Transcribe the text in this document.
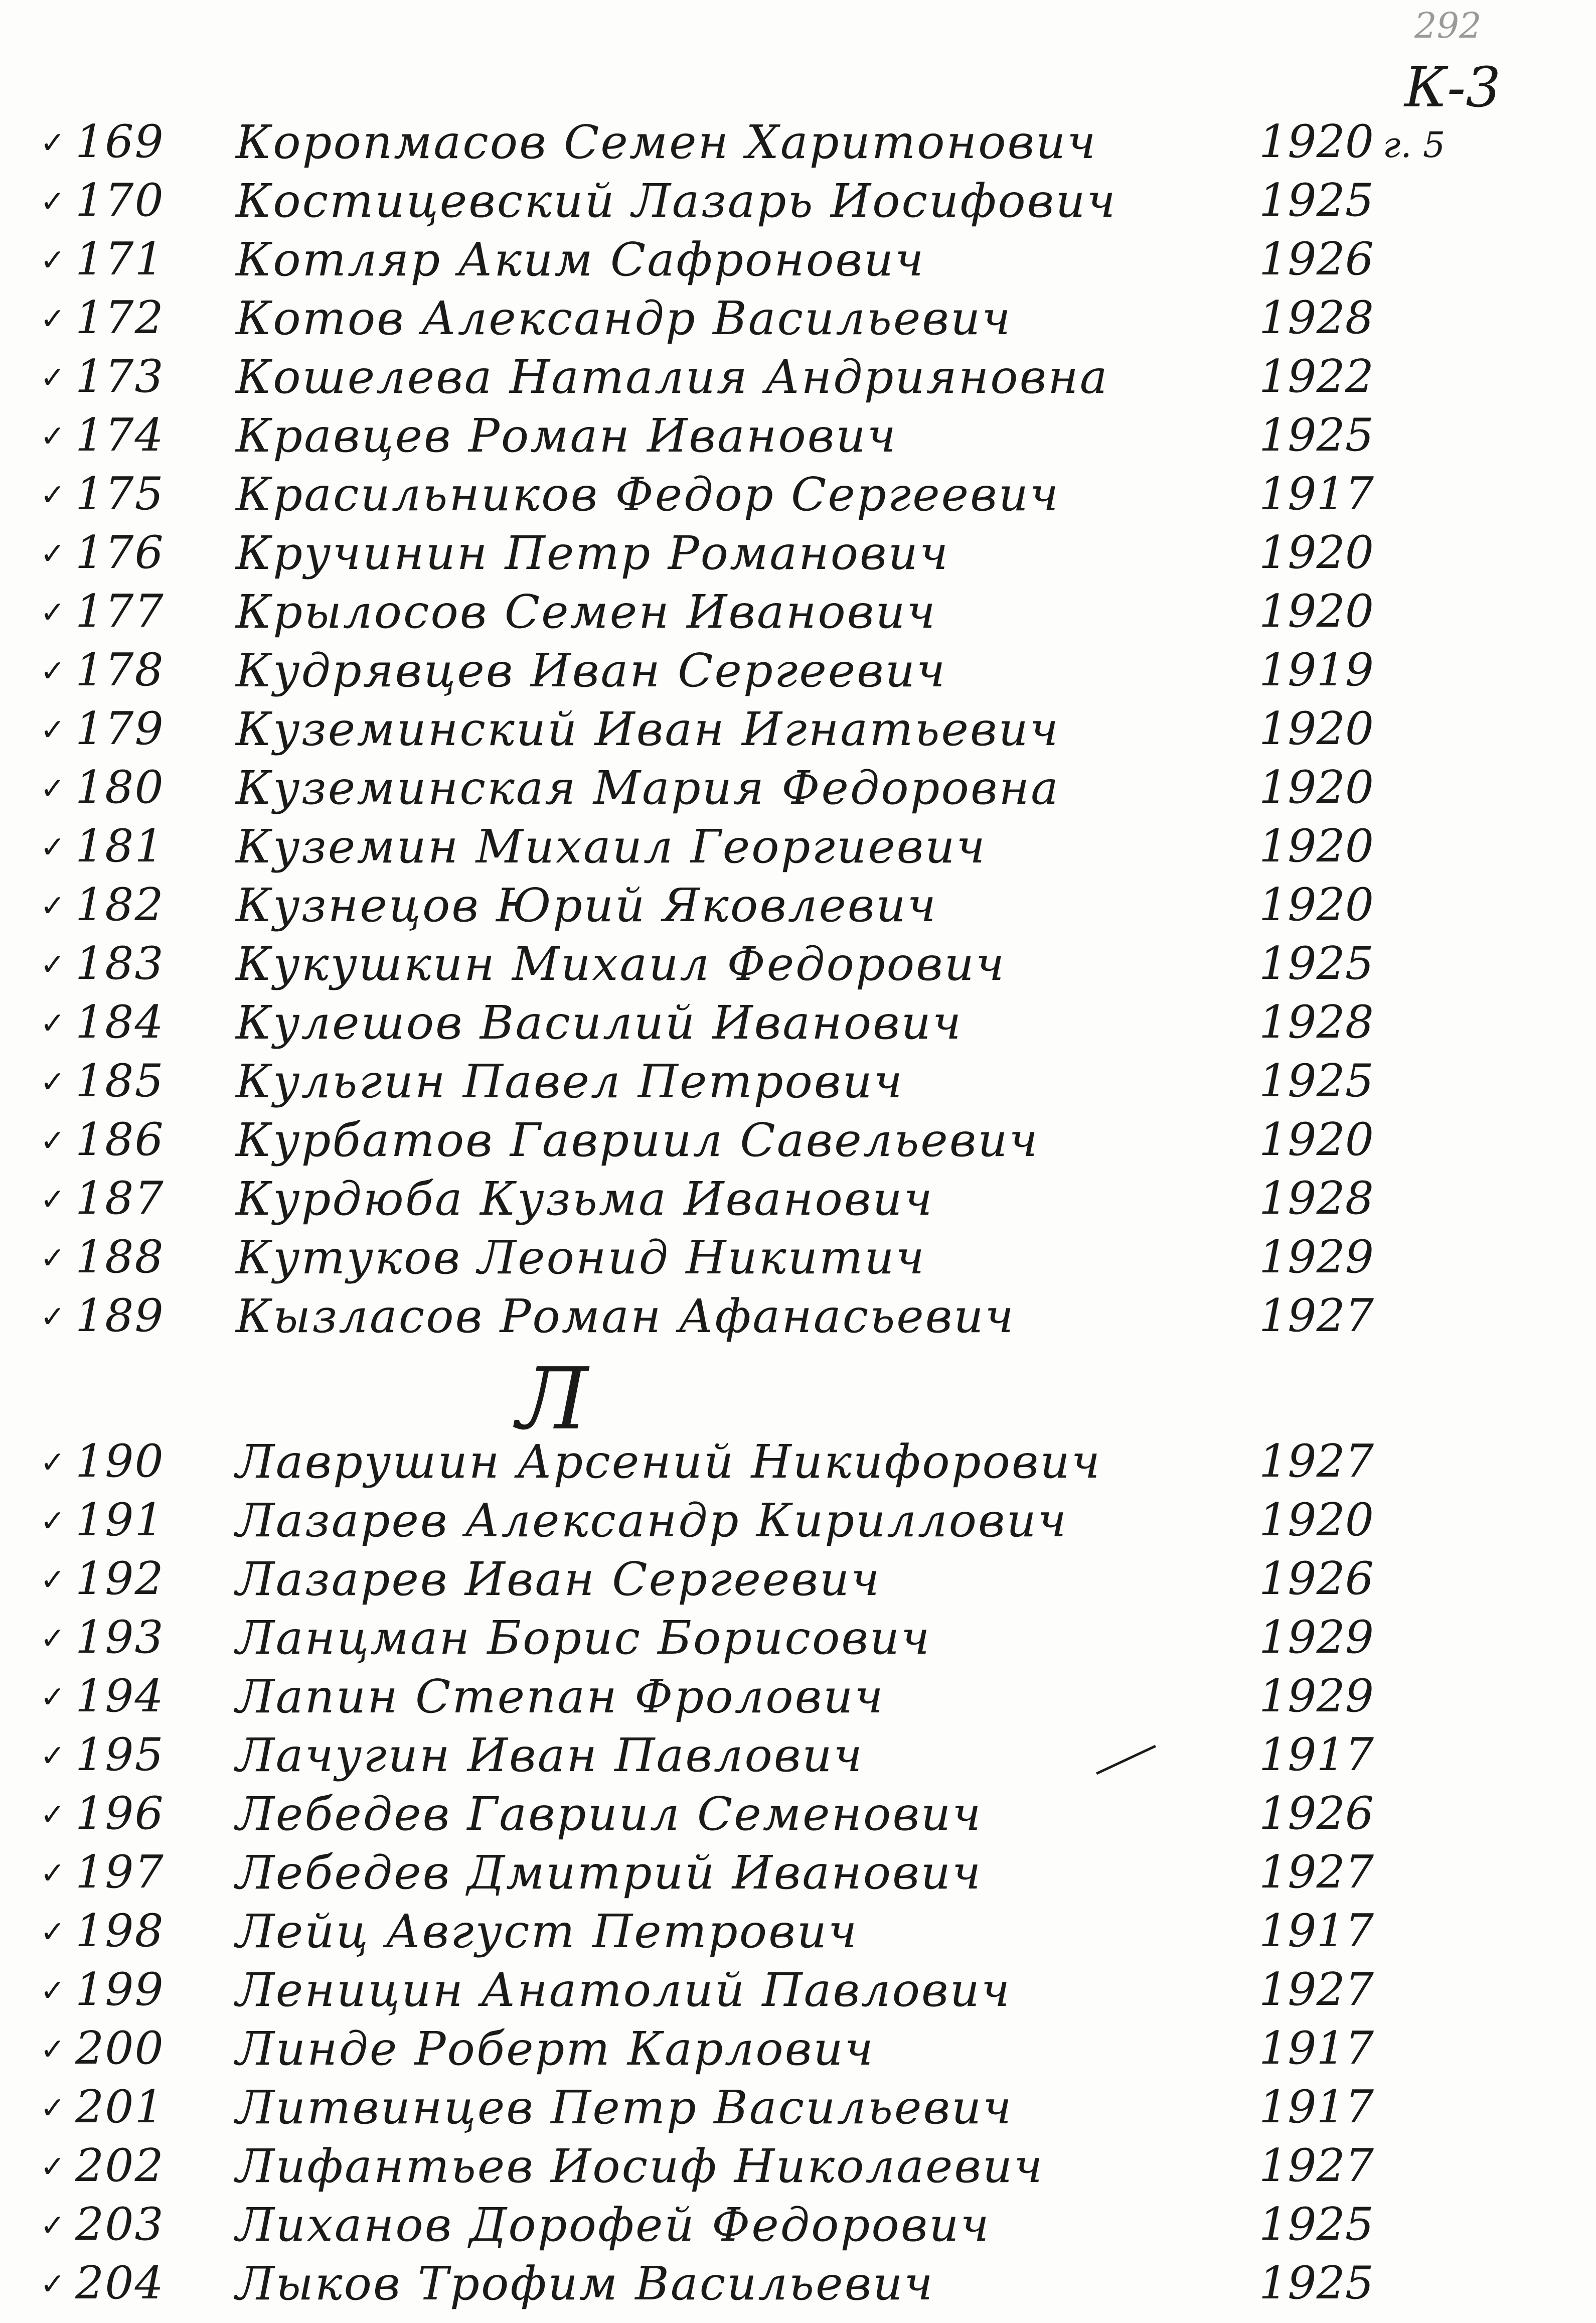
292
К-3
✓ 169 Коропмасов Семен Харитонович	1920 г. 5
✓ 170 Костицевский Лазарь Иосифович	1925
✓ 171 Котляр Аким Сафронович	1926
✓ 172 Котов Александр Васильевич	1928
✓ 173 Кошелева Наталия Андрияновна	1922
✓ 174 Кравцев Роман Иванович	1925
✓ 175 Красильников Федор Сергеевич	1917
✓ 176 Кручинин Петр Романович	1920
✓ 177 Крылосов Семен Иванович	1920
✓ 178 Кудрявцев Иван Сергеевич	1919
✓ 179 Куземинский Иван Игнатьевич	1920
✓ 180 Куземинская Мария Федоровна	1920
✓ 181 Куземин Михаил Георгиевич	1920
✓ 182 Кузнецов Юрий Яковлевич	1920
✓ 183 Кукушкин Михаил Федорович	1925
✓ 184 Кулешов Василий Иванович	1928
✓ 185 Кульгин Павел Петрович	1925
✓ 186 Курбатов Гавриил Савельевич	1920
✓ 187 Курдюба Кузьма Иванович	1928
✓ 188 Кутуков Леонид Никитич	1929
✓ 189 Кызласов Роман Афанасьевич	1927
Л
✓ 190 Лаврушин Арсений Никифорович	1927
✓ 191 Лазарев Александр Кириллович	1920
✓ 192 Лазарев Иван Сергеевич	1926
✓ 193 Ланцман Борис Борисович	1929
✓ 194 Лапин Степан Фролович	1929
✓ 195 Лачугин Иван Павлович	1917
✓ 196 Лебедев Гавриил Семенович	1926
✓ 197 Лебедев Дмитрий Иванович	1927
✓ 198 Лейц Август Петрович	1917
✓ 199 Леницин Анатолий Павлович	1927
✓ 200 Линде Роберт Карлович	1917
✓ 201 Литвинцев Петр Васильевич	1917
✓ 202 Лифантьев Иосиф Николаевич	1927
✓ 203 Лиханов Дорофей Федорович	1925
✓ 204 Лыков Трофим Васильевич	1925
